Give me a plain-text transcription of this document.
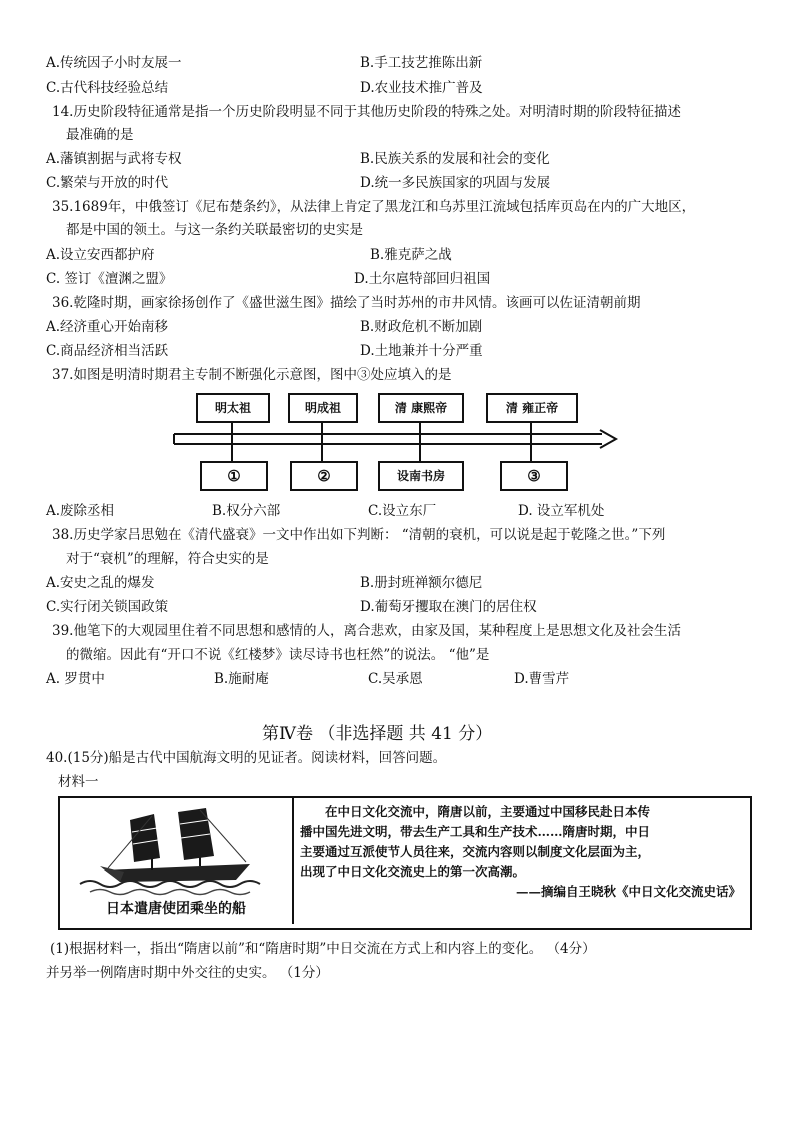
A.传统因子小时友展一	B.手工技艺推陈出新
C.古代科技经验总结	D.农业技术推广普及
14.历史阶段特征通常是指一个历史阶段明显不同于其他历史阶段的特殊之处。对明清时期的阶段特征描述
最准确的是
A.藩镇割据与武将专权	B.民族关系的发展和社会的变化
C.繁荣与开放的时代	D.统一多民族国家的巩固与发展
35.1689年，中俄签订《尼布楚条约》，从法律上肯定了黑龙江和乌苏里江流域包括库页岛在内的广大地区，
都是中国的领土。与这一条约关联最密切的史实是
A.设立安西都护府	B.雅克萨之战
C. 签订《澶渊之盟》	D.土尔扈特部回归祖国
36.乾隆时期，画家徐扬创作了《盛世滋生图》描绘了当时苏州的市井风情。该画可以佐证清朝前期
A.经济重心开始南移	B.财政危机不断加剧
C.商品经济相当活跃	D.土地兼并十分严重
37.如图是明清时期君主专制不断强化示意图，图中③处应填入的是
明太祖	明成祖	清 康熙帝	清 雍正帝
①	②	设南书房	③
A.废除丞相	B.权分六部	C.设立东厂	D. 设立军机处
38.历史学家吕思勉在《清代盛衰》一文中作出如下判断： “清朝的衰机，可以说是起于乾隆之世。”下列
对于“衰机”的理解，符合史实的是
A.安史之乱的爆发	B.册封班禅额尔德尼
C.实行闭关锁国政策	D.葡萄牙攫取在澳门的居住权
39.他笔下的大观园里住着不同思想和感情的人，离合悲欢，由家及国，某种程度上是思想文化及社会生活
的微缩。因此有“开口不说《红楼梦》读尽诗书也枉然”的说法。 “他”是
A. 罗贯中	B.施耐庵	C.吴承恩	D.曹雪芹
第Ⅳ卷 （非选择题 共 41 分）
40.(15分)船是古代中国航海文明的见证者。阅读材料，回答问题。
材料一
日本遣唐使团乘坐的船

在中日文化交流中，隋唐以前，主要通过中国移民赴日本传

播中国先进文明，带去生产工具和生产技术……隋唐时期，中日

主要通过互派使节人员往来，交流内容则以制度文化层面为主，

出现了中日文化交流史上的第一次高潮。

——摘编自王晓秋《中日文化交流史话》

(1)根据材料一，指出“隋唐以前”和“隋唐时期”中日交流在方式上和内容上的变化。 （4分）
并另举一例隋唐时期中外交往的史实。 （1分）
